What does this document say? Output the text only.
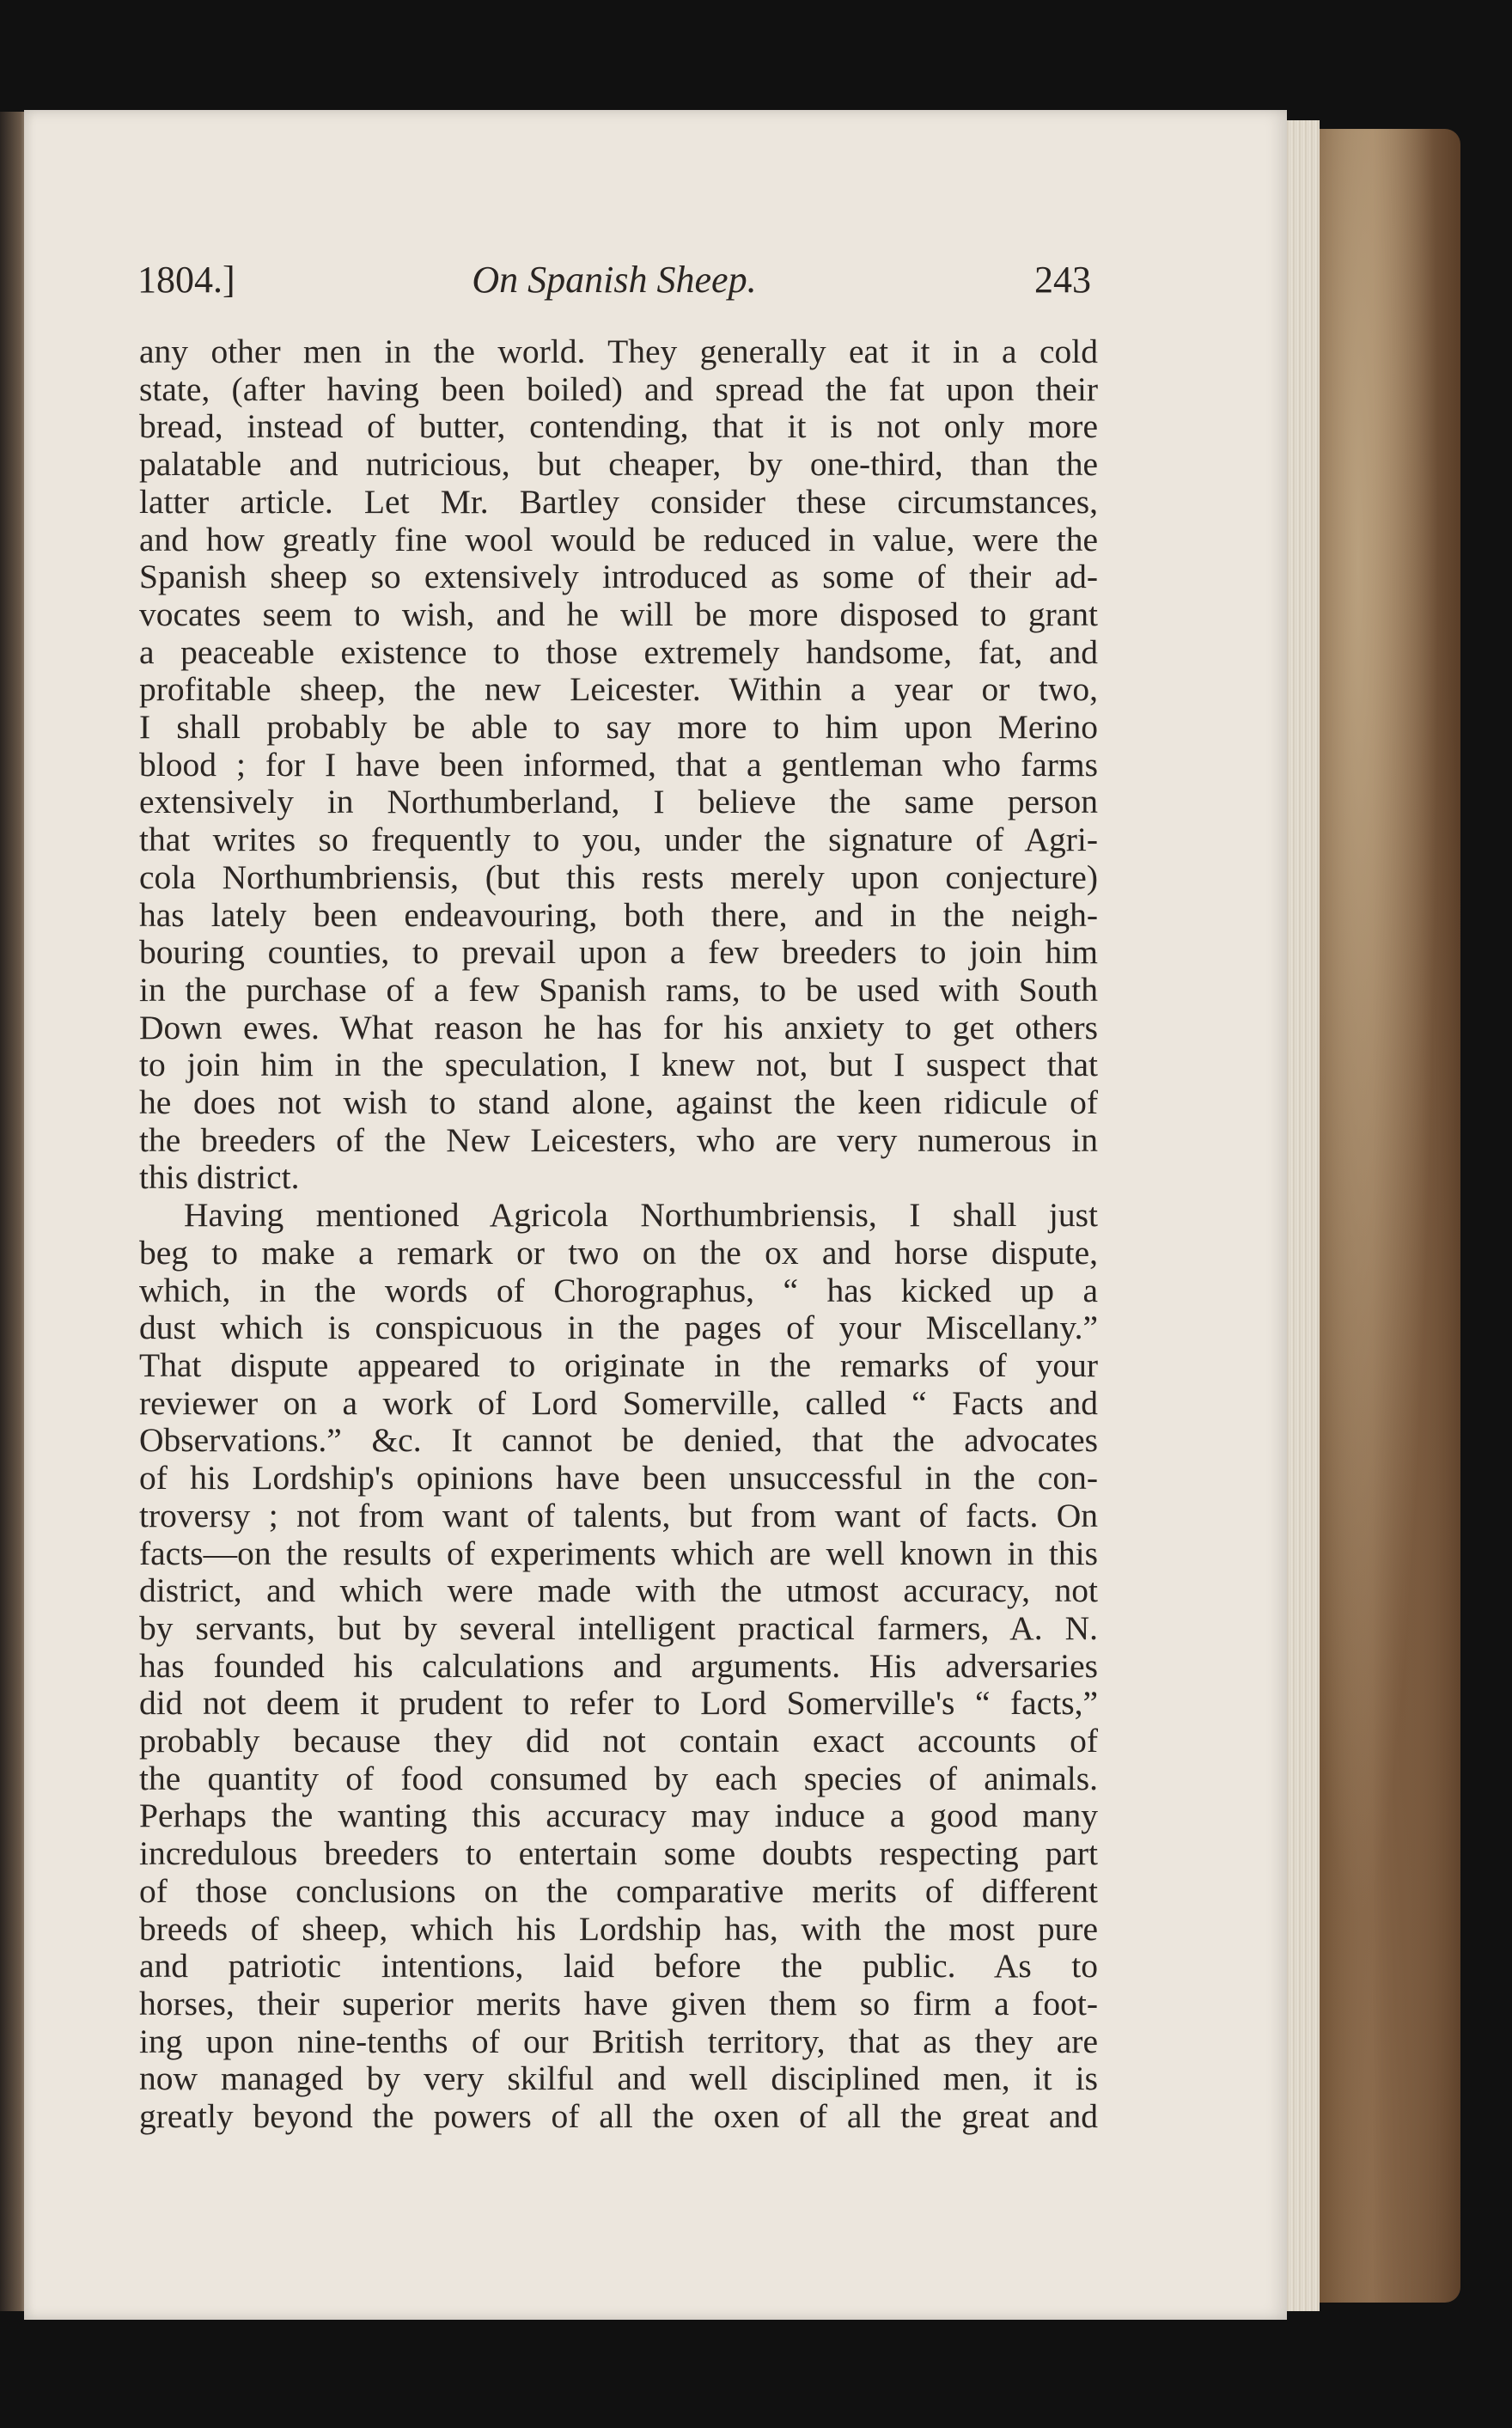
1804.]	On Spanish Sheep.	243
any other men in the world. They generally eat it in a cold
state, (after having been boiled) and spread the fat upon their
bread, instead of butter, contending, that it is not only more
palatable and nutricious, but cheaper, by one-third, than the
latter article. Let Mr. Bartley consider these circumstances,
and how greatly fine wool would be reduced in value, were the
Spanish sheep so extensively introduced as some of their ad-
vocates seem to wish, and he will be more disposed to grant
a peaceable existence to those extremely handsome, fat, and
profitable sheep, the new Leicester. Within a year or two,
I shall probably be able to say more to him upon Merino
blood ; for I have been informed, that a gentleman who farms
extensively in Northumberland, I believe the same person
that writes so frequently to you, under the signature of Agri-
cola Northumbriensis, (but this rests merely upon conjecture)
has lately been endeavouring, both there, and in the neigh-
bouring counties, to prevail upon a few breeders to join him
in the purchase of a few Spanish rams, to be used with South
Down ewes. What reason he has for his anxiety to get others
to join him in the speculation, I knew not, but I suspect that
he does not wish to stand alone, against the keen ridicule of
the breeders of the New Leicesters, who are very numerous in
this district.
Having mentioned Agricola Northumbriensis, I shall just
beg to make a remark or two on the ox and horse dispute,
which, in the words of Chorographus, “ has kicked up a
dust which is conspicuous in the pages of your Miscellany.”
That dispute appeared to originate in the remarks of your
reviewer on a work of Lord Somerville, called “ Facts and
Observations.” &c. It cannot be denied, that the advocates
of his Lordship's opinions have been unsuccessful in the con-
troversy ; not from want of talents, but from want of facts. On
facts—on the results of experiments which are well known in this
district, and which were made with the utmost accuracy, not
by servants, but by several intelligent practical farmers, A. N.
has founded his calculations and arguments. His adversaries
did not deem it prudent to refer to Lord Somerville's “ facts,”
probably because they did not contain exact accounts of
the quantity of food consumed by each species of animals.
Perhaps the wanting this accuracy may induce a good many
incredulous breeders to entertain some doubts respecting part
of those conclusions on the comparative merits of different
breeds of sheep, which his Lordship has, with the most pure
and patriotic intentions, laid before the public. As to
horses, their superior merits have given them so firm a foot-
ing upon nine-tenths of our British territory, that as they are
now managed by very skilful and well disciplined men, it is
greatly beyond the powers of all the oxen of all the great and
